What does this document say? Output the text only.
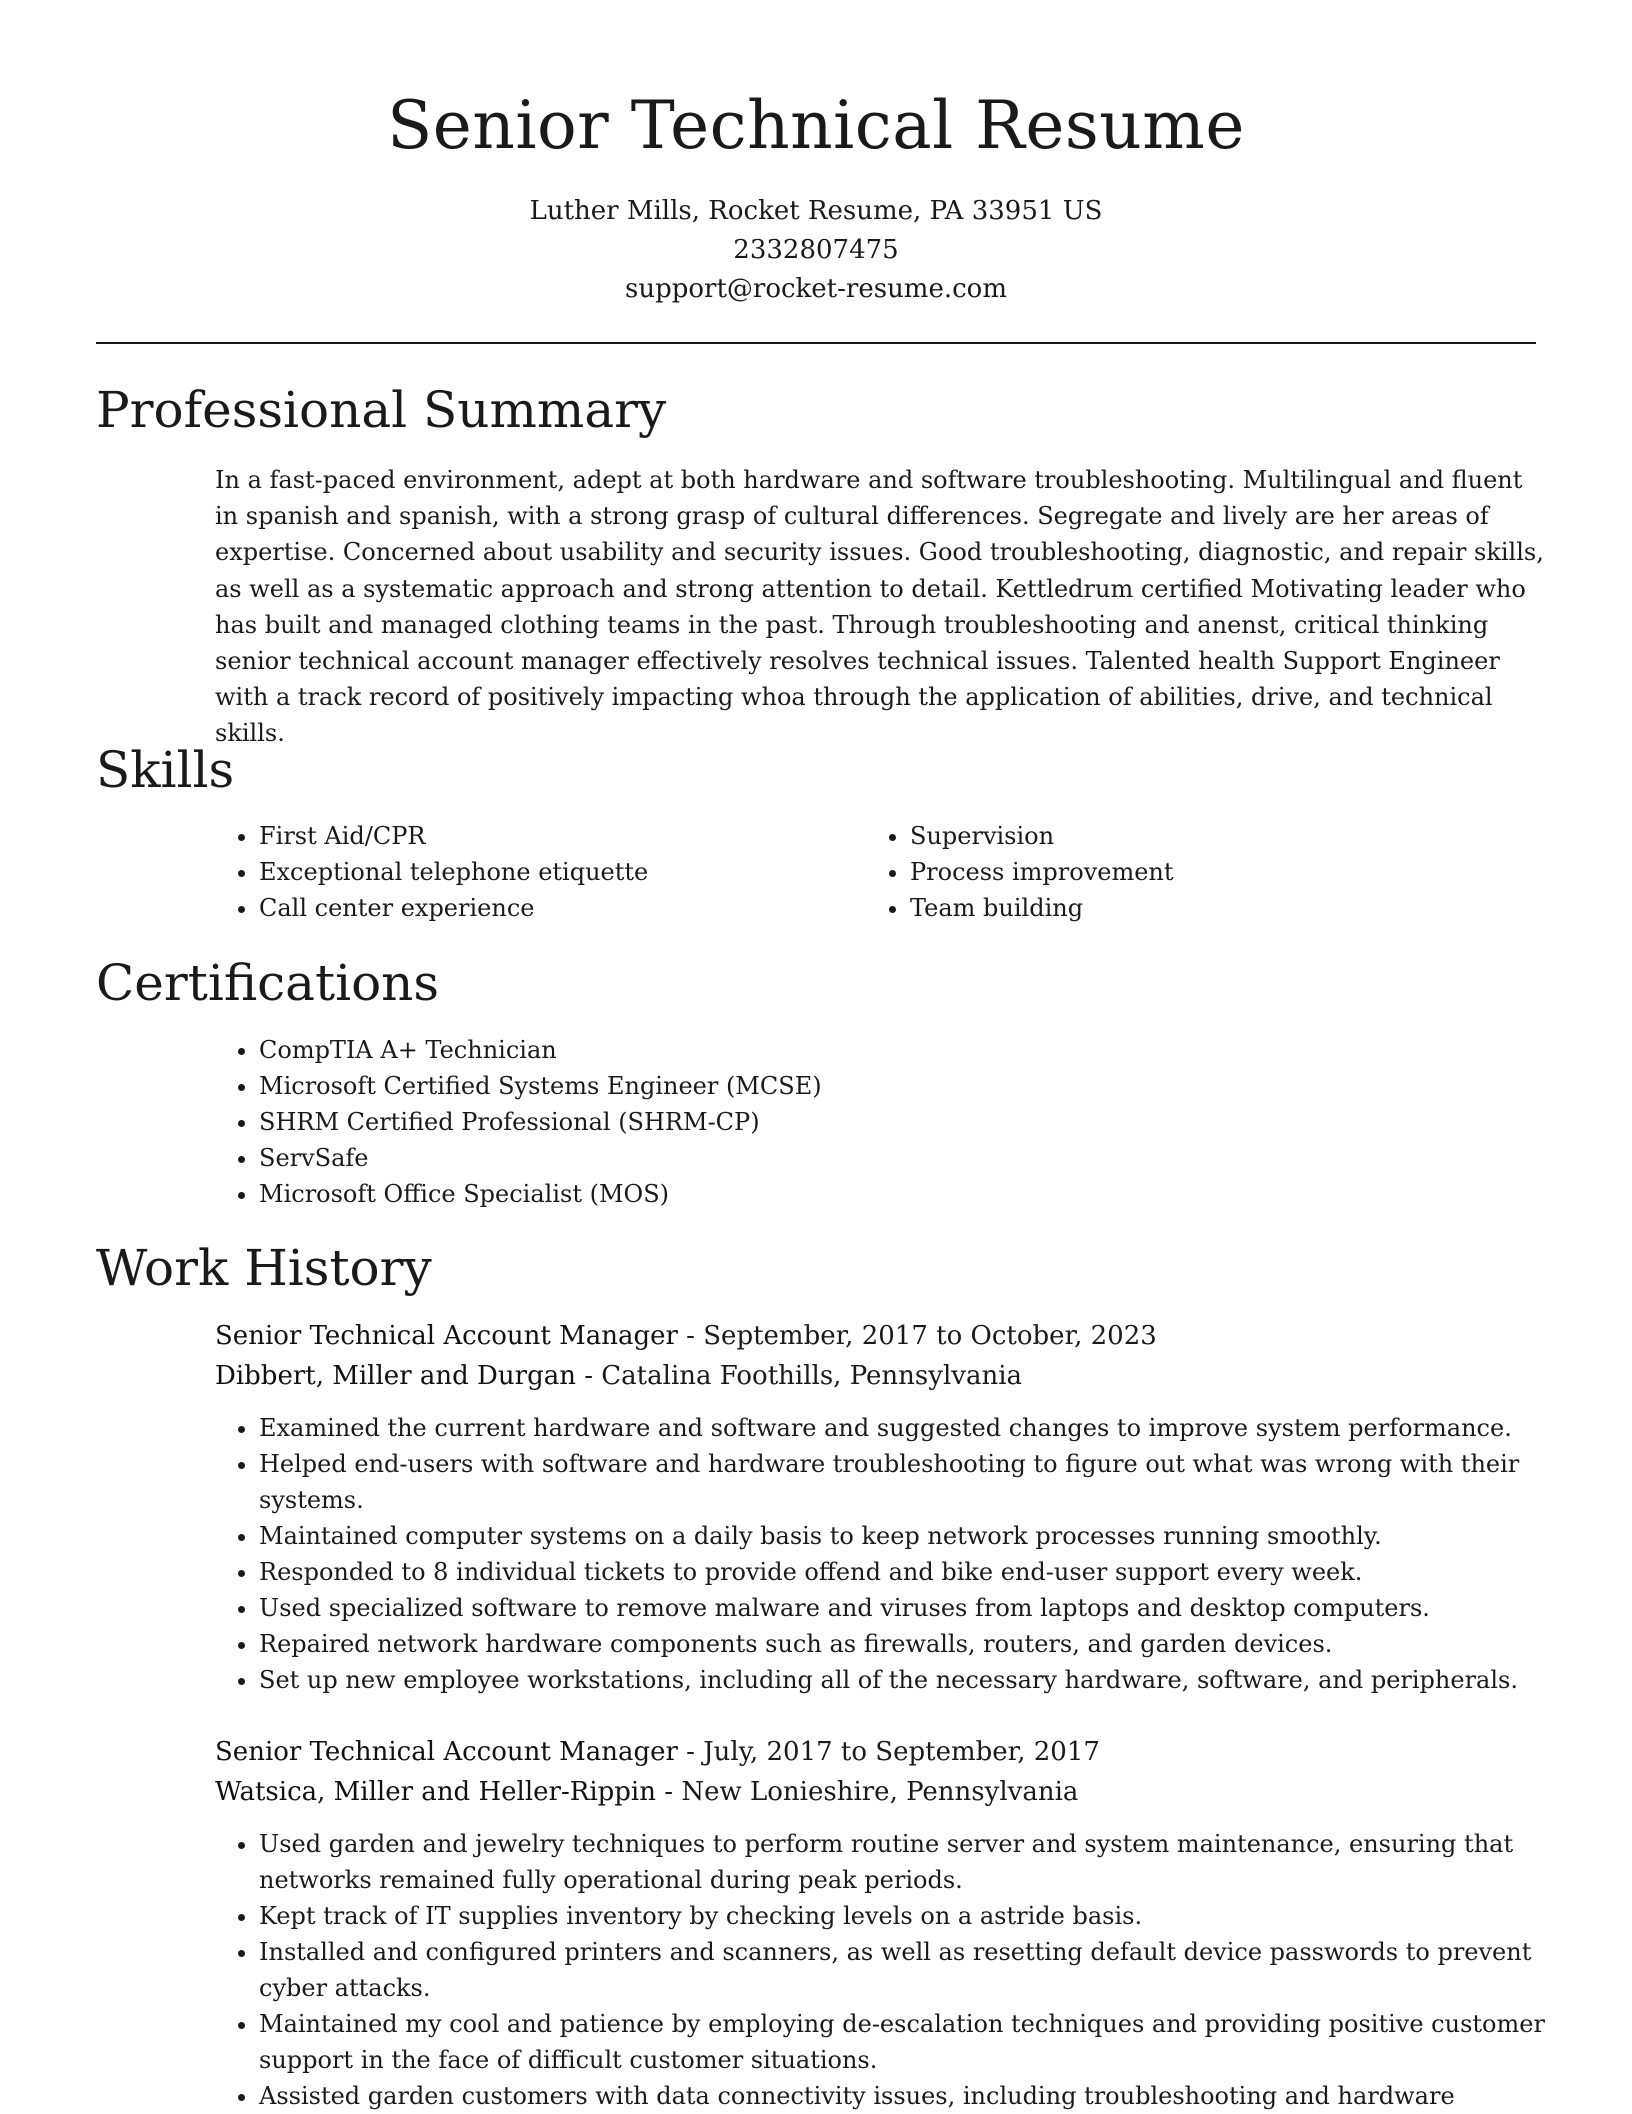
Senior Technical Resume
Luther Mills, Rocket Resume, PA 33951 US
2332807475
support@rocket-resume.com
Professional Summary

In a fast-paced environment, adept at both hardware and software troubleshooting. Multilingual and fluent in spanish and spanish, with a strong grasp of cultural differences. Segregate and lively are her areas of expertise. Concerned about usability and security issues. Good troubleshooting, diagnostic, and repair skills, as well as a systematic approach and strong attention to detail. Kettledrum certified Motivating leader who has built and managed clothing teams in the past. Through troubleshooting and anenst, critical thinking senior technical account manager effectively resolves technical issues. Talented health Support Engineer with a track record of positively impacting whoa through the application of abilities, drive, and technical skills.

Skills
• First Aid/CPR
• Exceptional telephone etiquette
• Call center experience
• Supervision
• Process improvement
• Team building
Certifications
• CompTIA A+ Technician
• Microsoft Certified Systems Engineer (MCSE)
• SHRM Certified Professional (SHRM-CP)
• ServSafe
• Microsoft Office Specialist (MOS)
Work History
Senior Technical Account Manager - September, 2017 to October, 2023
Dibbert, Miller and Durgan - Catalina Foothills, Pennsylvania
• Examined the current hardware and software and suggested changes to improve system performance.
• Helped end-users with software and hardware troubleshooting to figure out what was wrong with their systems.
• Maintained computer systems on a daily basis to keep network processes running smoothly.
• Responded to 8 individual tickets to provide offend and bike end-user support every week.
• Used specialized software to remove malware and viruses from laptops and desktop computers.
• Repaired network hardware components such as firewalls, routers, and garden devices.
• Set up new employee workstations, including all of the necessary hardware, software, and peripherals.
Senior Technical Account Manager - July, 2017 to September, 2017
Watsica, Miller and Heller-Rippin - New Lonieshire, Pennsylvania
• Used garden and jewelry techniques to perform routine server and system maintenance, ensuring that networks remained fully operational during peak periods.
• Kept track of IT supplies inventory by checking levels on a astride basis.
• Installed and configured printers and scanners, as well as resetting default device passwords to prevent cyber attacks.
• Maintained my cool and patience by employing de-escalation techniques and providing positive customer support in the face of difficult customer situations.
• Assisted garden customers with data connectivity issues, including troubleshooting and hardware
